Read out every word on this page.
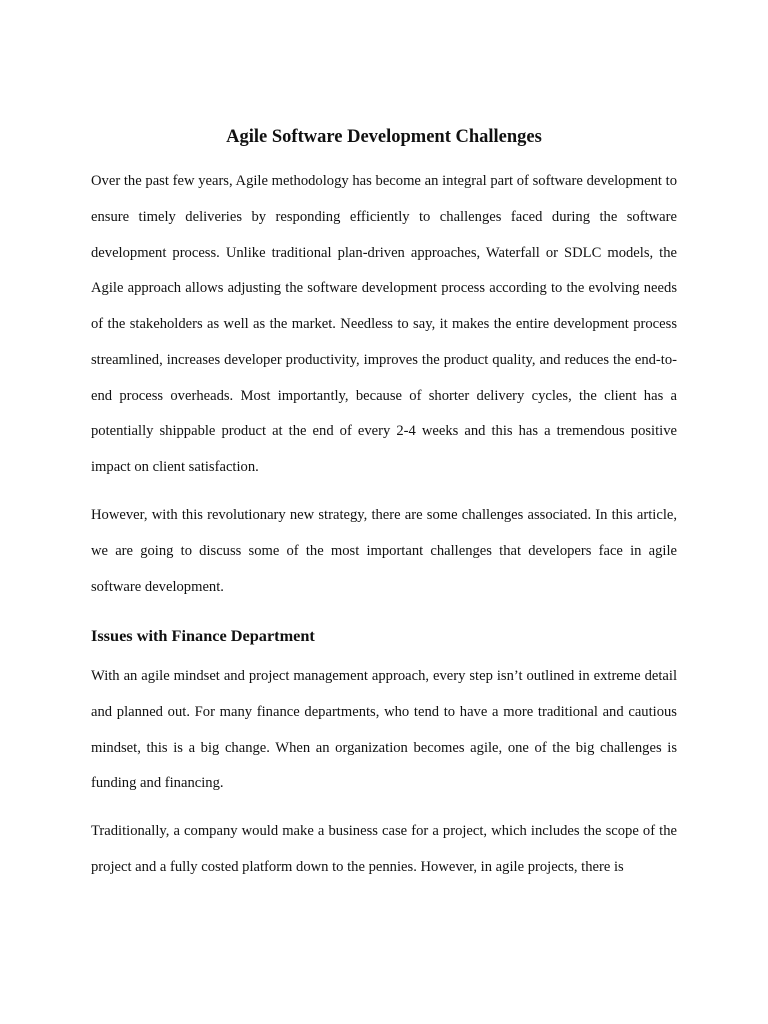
Agile Software Development Challenges

Over the past few years, Agile methodology has become an integral part of software development to ensure timely deliveries by responding efficiently to challenges faced during the software development process. Unlike traditional plan-driven approaches, Waterfall or SDLC models, the Agile approach allows adjusting the software development process according to the evolving needs of the stakeholders as well as the market. Needless to say, it makes the entire development process streamlined, increases developer productivity, improves the product quality, and reduces the end-to-end process overheads. Most importantly, because of shorter delivery cycles, the client has a potentially shippable product at the end of every 2-4 weeks and this has a tremendous positive impact on client satisfaction.

However, with this revolutionary new strategy, there are some challenges associated. In this article, we are going to discuss some of the most important challenges that developers face in agile software development.

Issues with Finance Department

With an agile mindset and project management approach, every step isn’t outlined in extreme detail and planned out. For many finance departments, who tend to have a more traditional and cautious mindset, this is a big change. When an organization becomes agile, one of the big challenges is funding and financing.

Traditionally, a company would make a business case for a project, which includes the scope of the project and a fully costed platform down to the pennies. However, in agile projects, there is
